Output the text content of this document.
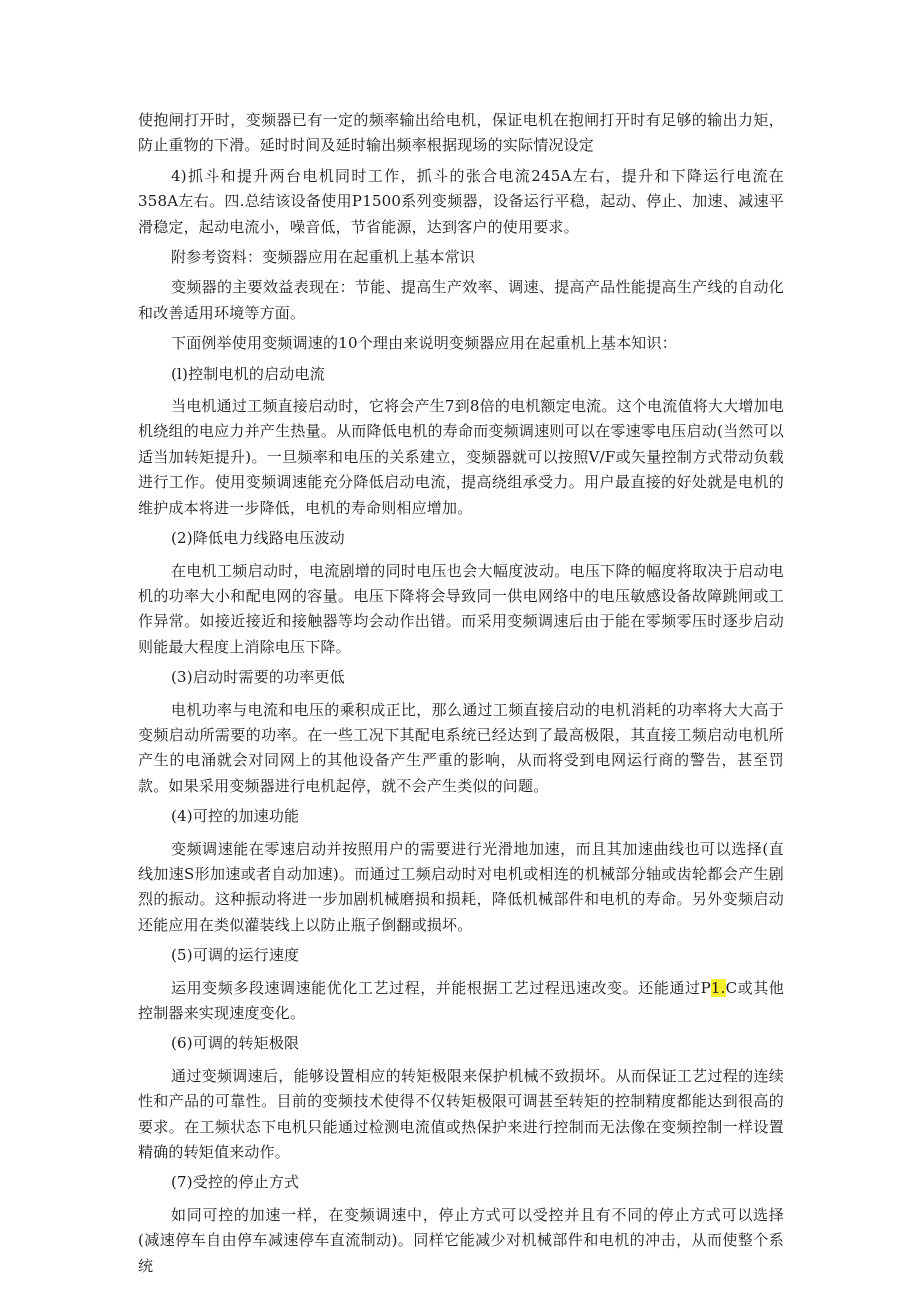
使抱闸打开时，变频器已有一定的频率输出给电机，保证电机在抱闸打开时有足够的输出力矩，防止重物的下滑。延时时间及延时输出频率根据现场的实际情况设定

4)抓斗和提升两台电机同时工作，抓斗的张合电流245A左右，提升和下降运行电流在358A左右。四.总结该设备使用P1500系列变频器，设备运行平稳，起动、停止、加速、减速平滑稳定，起动电流小，噪音低，节省能源，达到客户的使用要求。

附参考资料：变频器应用在起重机上基本常识

变频器的主要效益表现在：节能、提高生产效率、调速、提高产品性能提高生产线的自动化和改善适用环境等方面。

下面例举使用变频调速的10个理由来说明变频器应用在起重机上基本知识：

(l)控制电机的启动电流

当电机通过工频直接启动时，它将会产生7到8倍的电机额定电流。这个电流值将大大增加电机绕组的电应力并产生热量。从而降低电机的寿命而变频调速则可以在零速零电压启动(当然可以适当加转矩提升)。一旦频率和电压的关系建立，变频器就可以按照V/F或矢量控制方式带动负载进行工作。使用变频调速能充分降低启动电流，提高绕组承受力。用户最直接的好处就是电机的维护成本将进一步降低，电机的寿命则相应增加。

(2)降低电力线路电压波动

在电机工频启动时，电流剧增的同时电压也会大幅度波动。电压下降的幅度将取决于启动电机的功率大小和配电网的容量。电压下降将会导致同一供电网络中的电压敏感设备故障跳闸或工作异常。如接近接近和接触器等均会动作出错。而采用变频调速后由于能在零频零压时逐步启动则能最大程度上消除电压下降。

(3)启动时需要的功率更低

电机功率与电流和电压的乘积成正比，那么通过工频直接启动的电机消耗的功率将大大高于变频启动所需要的功率。在一些工况下其配电系统已经达到了最高极限，其直接工频启动电机所产生的电涌就会对同网上的其他设备产生严重的影响，从而将受到电网运行商的警告，甚至罚款。如果采用变频器进行电机起停，就不会产生类似的问题。

(4)可控的加速功能

变频调速能在零速启动并按照用户的需要进行光滑地加速，而且其加速曲线也可以选择(直线加速S形加速或者自动加速)。而通过工频启动时对电机或相连的机械部分轴或齿轮都会产生剧烈的振动。这种振动将进一步加剧机械磨损和损耗，降低机械部件和电机的寿命。另外变频启动还能应用在类似灌装线上以防止瓶子倒翻或损坏。

(5)可调的运行速度

运用变频多段速调速能优化工艺过程，并能根据工艺过程迅速改变。还能通过P1.C或其他控制器来实现速度变化。

(6)可调的转矩极限

通过变频调速后，能够设置相应的转矩极限来保护机械不致损坏。从而保证工艺过程的连续性和产品的可靠性。目前的变频技术使得不仅转矩极限可调甚至转矩的控制精度都能达到很高的要求。在工频状态下电机只能通过检测电流值或热保护来进行控制而无法像在变频控制一样设置精确的转矩值来动作。

(7)受控的停止方式

如同可控的加速一样，在变频调速中，停止方式可以受控并且有不同的停止方式可以选择(减速停车自由停车减速停车直流制动)。同样它能减少对机械部件和电机的冲击，从而使整个系统
